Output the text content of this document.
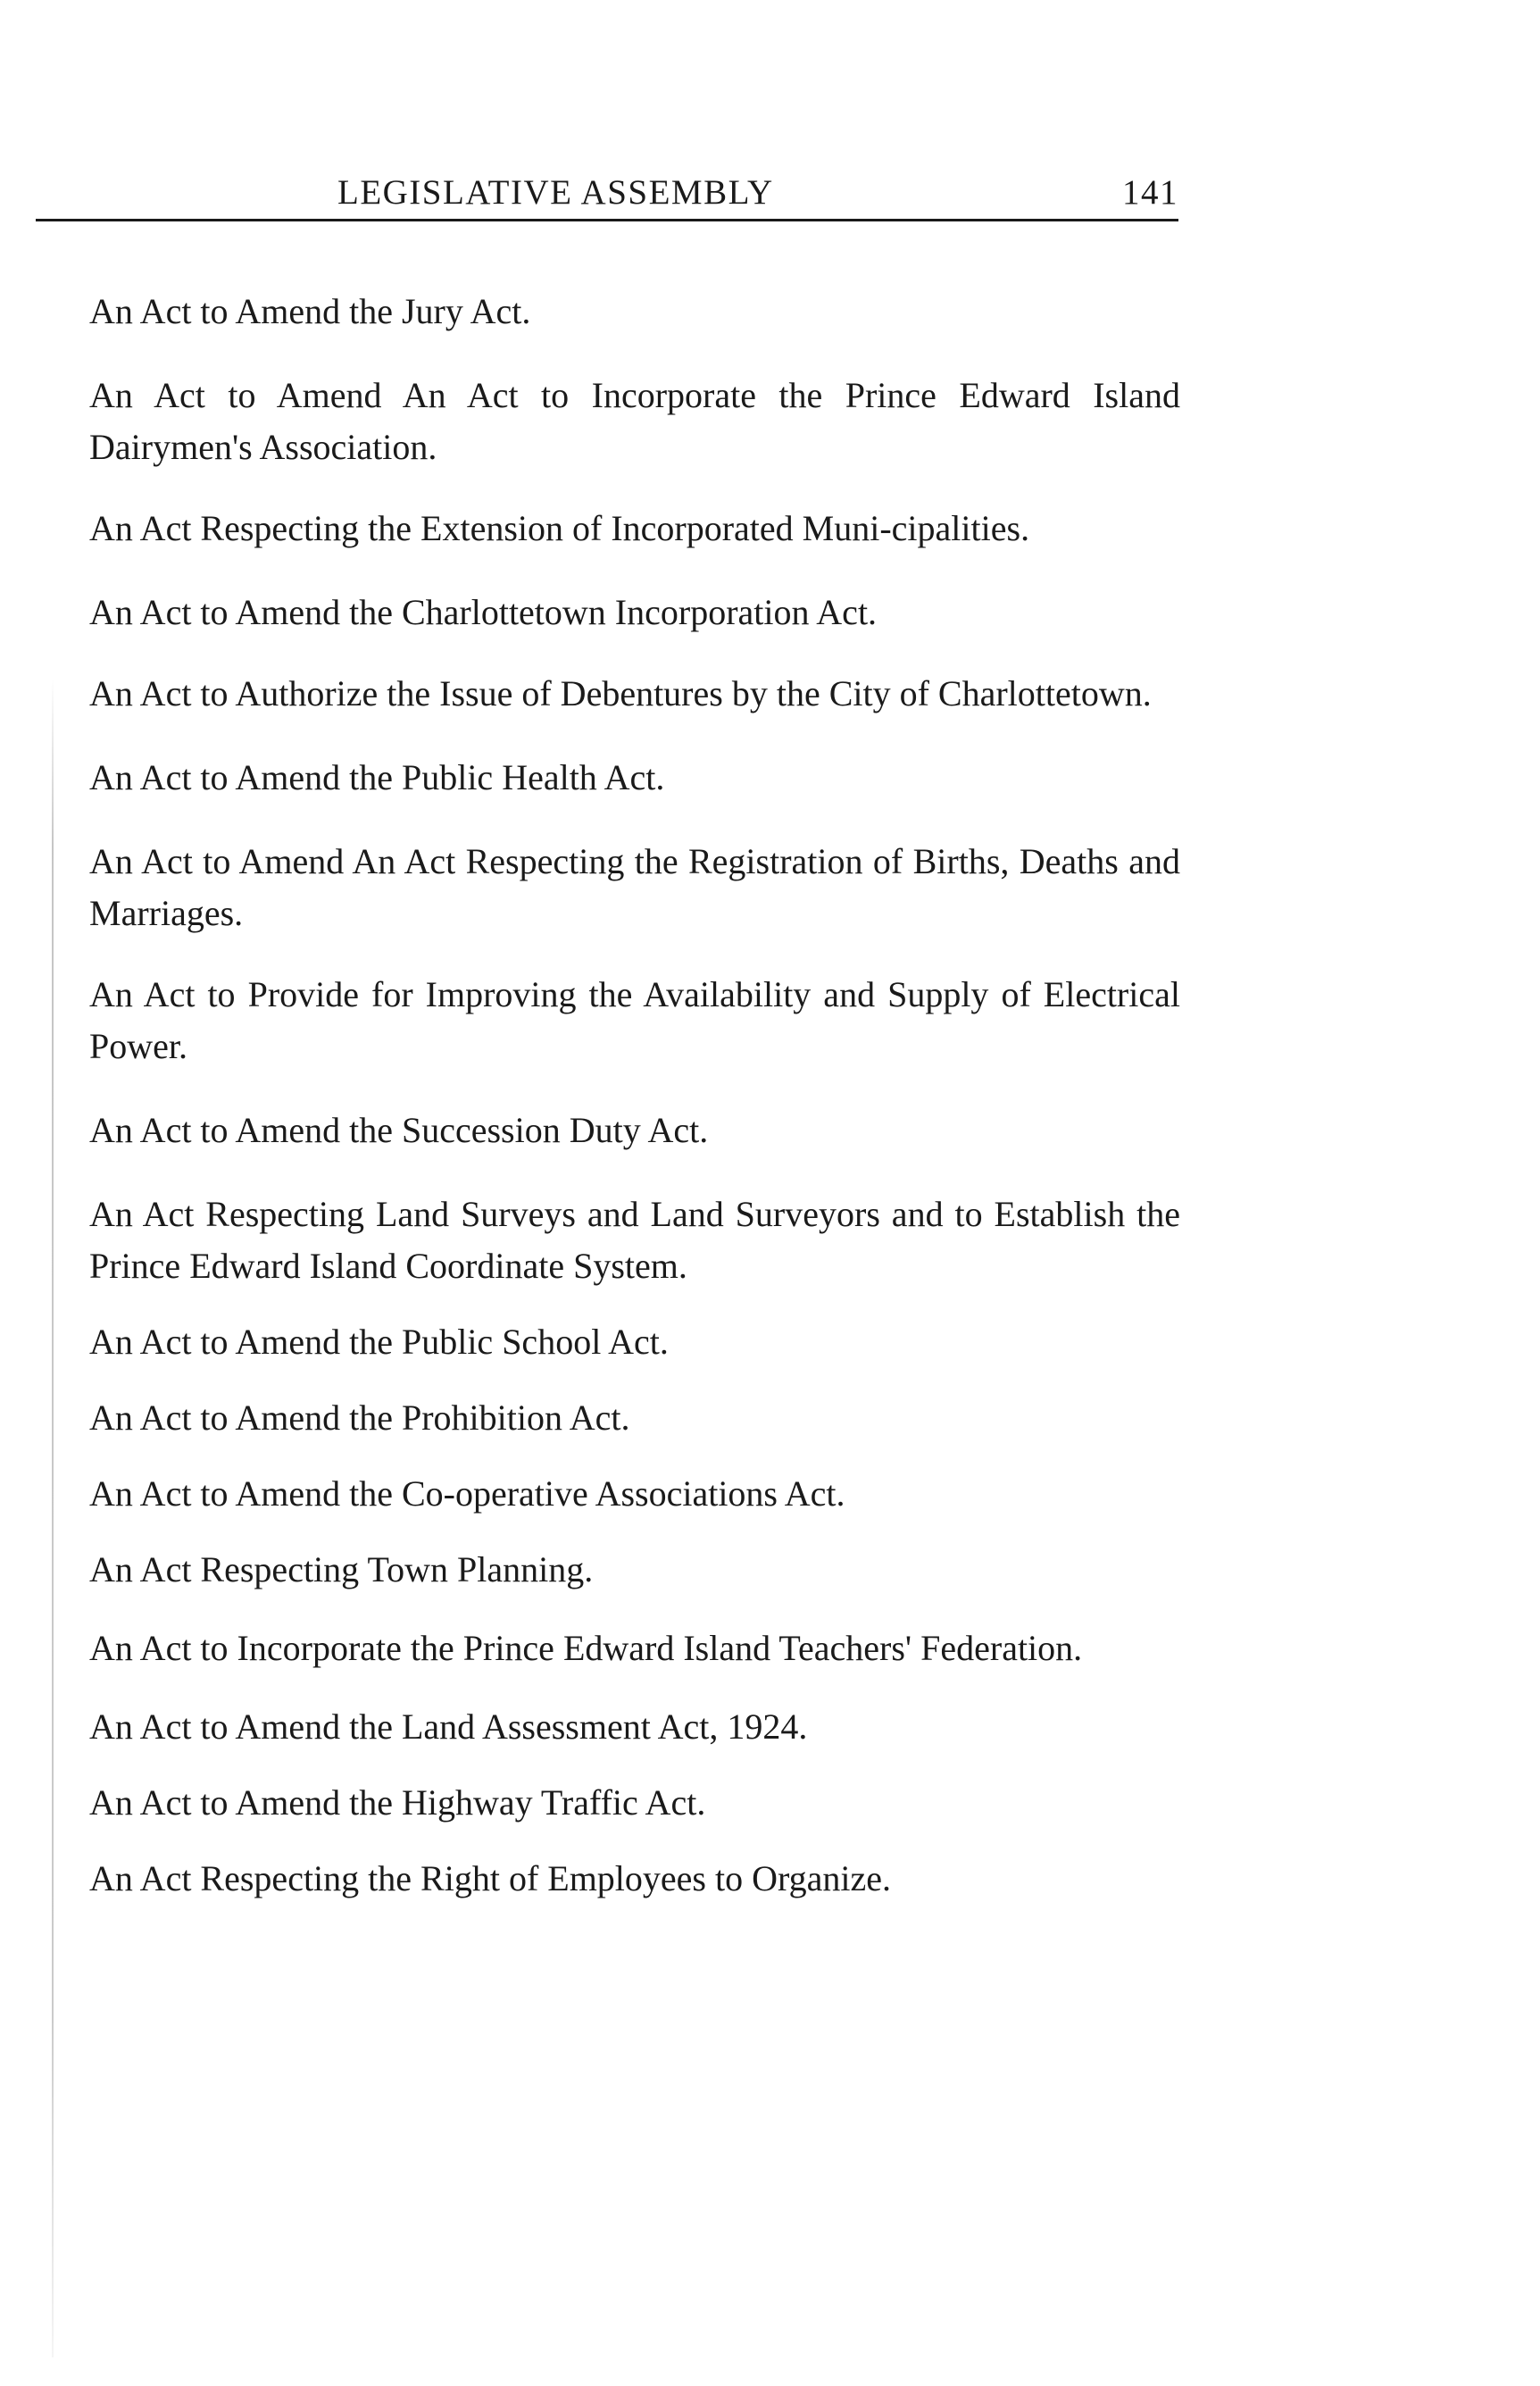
LEGISLATIVE ASSEMBLY	141
An Act to Amend the Jury Act.
An Act to Amend An Act to Incorporate the Prince Edward Island Dairymen's Association.
An Act Respecting the Extension of Incorporated Muni-cipalities.
An Act to Amend the Charlottetown Incorporation Act.
An Act to Authorize the Issue of Debentures by the City of Charlottetown.
An Act to Amend the Public Health Act.
An Act to Amend An Act Respecting the Registration of Births, Deaths and Marriages.
An Act to Provide for Improving the Availability and Supply of Electrical Power.
An Act to Amend the Succession Duty Act.
An Act Respecting Land Surveys and Land Surveyors and to Establish the Prince Edward Island Coordinate System.
An Act to Amend the Public School Act.
An Act to Amend the Prohibition Act.
An Act to Amend the Co-operative Associations Act.
An Act Respecting Town Planning.
An Act to Incorporate the Prince Edward Island Teachers' Federation.
An Act to Amend the Land Assessment Act, 1924.
An Act to Amend the Highway Traffic Act.
An Act Respecting the Right of Employees to Organize.
